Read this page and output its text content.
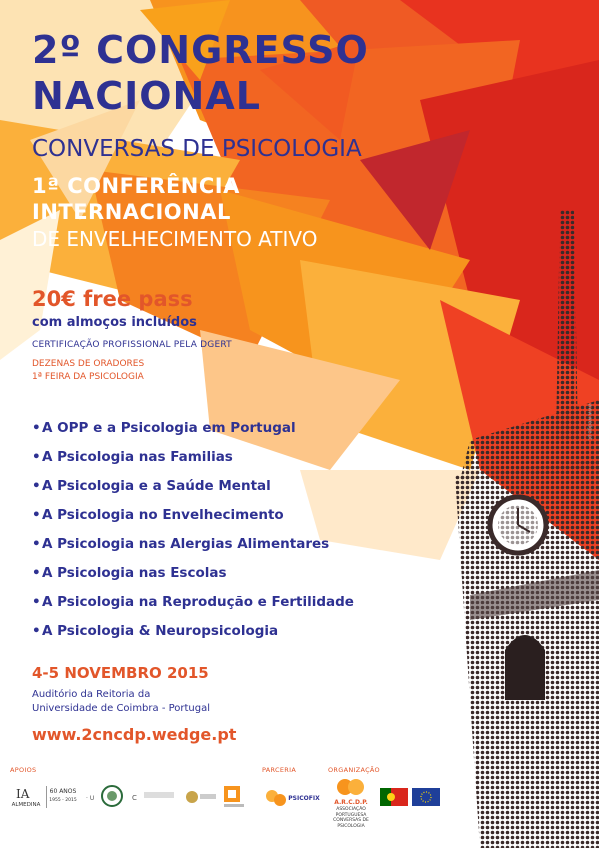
2º CONGRESSO
NACIONAL
CONVERSAS DE PSICOLOGIA
1ª CONFERÊNCIA
INTERNACIONAL
DE ENVELHECIMENTO ATIVO
20€ free pass
com almoços incluídos
CERTIFICAÇÃO PROFISSIONAL PELA DGERT
DEZENAS DE ORADORES
1ª FEIRA DA PSICOLOGIA
•A OPP e a Psicologia em Portugal
•A Psicologia nas Familias
•A Psicologia e a Saúde Mental
•A Psicologia no Envelhecimento
•A Psicologia nas Alergias Alimentares
•A Psicologia nas Escolas
•A Psicologia na Reprodução e Fertilidade
•A Psicologia & Neuropsicologia
4-5 NOVEMBRO 2015
Auditório da Reitoria da
Universidade de Coimbra - Portugal
www.2cncdp.wedge.pt
www.wedge.pt
APOIOS	PARCERIA	ORGANIZAÇÃO
IA
ALMEDINA
60 ANOS
1955 - 2015 · U	C	PSICOFIX
A.R.C.D.P.
ASSOCIAÇÃO PORTUGUESA CONVERSAS DE PSICOLOGIA
